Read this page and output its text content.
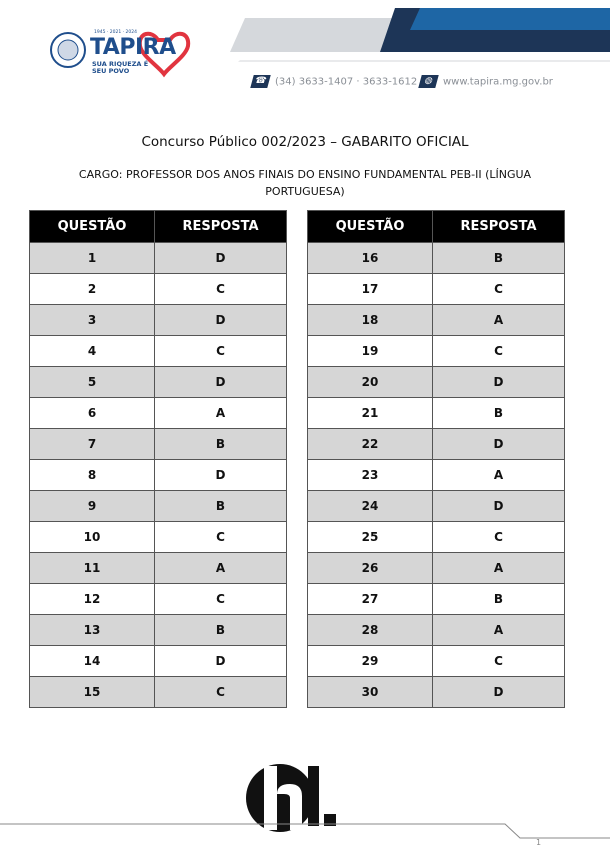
1945 · 2021 · 2024
TAPIRA
SUA RIQUEZA É SEU POVO
☎ (34) 3633-1407 · 3633-1612 ◍ www.tapira.mg.gov.br
Concurso Público 002/2023 – GABARITO OFICIAL
CARGO: PROFESSOR DOS ANOS FINAIS DO ENSINO FUNDAMENTAL PEB-II (LÍNGUA PORTUGUESA)
QUESTÃO	RESPOSTA
1	D
2	C
3	D
4	C
5	D
6	A
7	B
8	D
9	B
10	C
11	A
12	C
13	B
14	D
15	C
QUESTÃO	RESPOSTA
16	B
17	C
18	A
19	C
20	D
21	B
22	D
23	A
24	D
25	C
26	A
27	B
28	A
29	C
30	D
1
